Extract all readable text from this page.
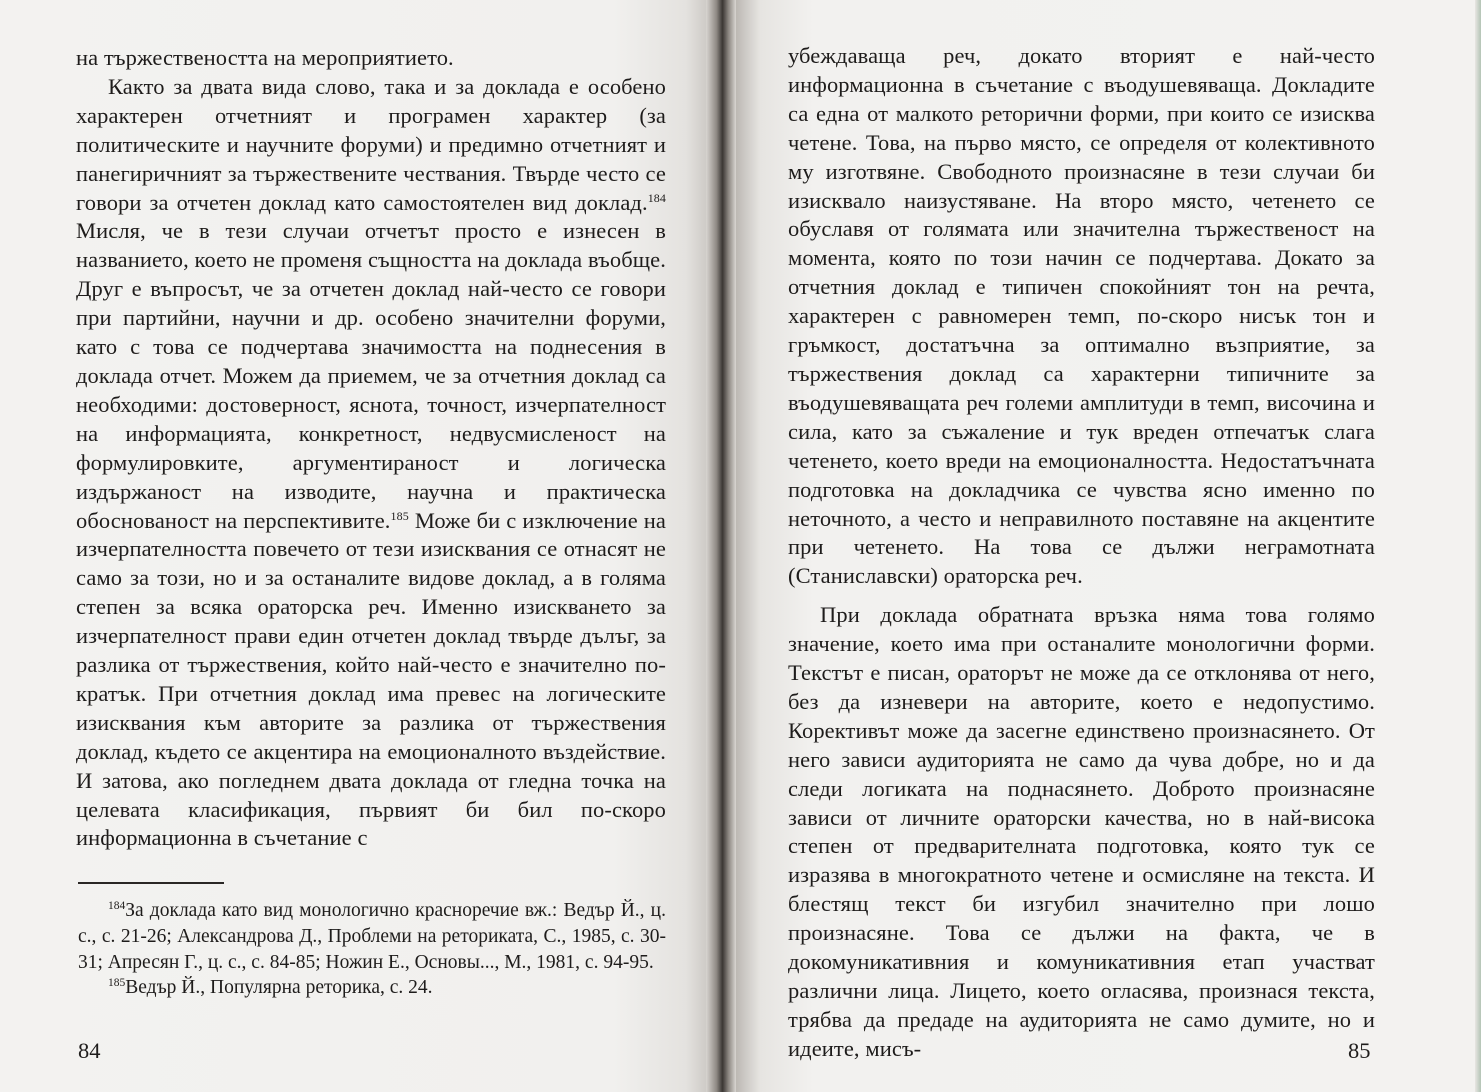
на тържествеността на мероприятието.

Както за двата вида слово, така и за доклада е особено характерен отчетният и програмен характер (за политическите и научните форуми) и предимно отчетният и панегиричният за тържествените чествания. Твърде често се говори за отчетен доклад като самостоятелен вид доклад.$^{184}$ Мисля, че в тези случаи отчетът просто е изнесен в названието, което не променя същността на доклада въобще. Друг е въпросът, че за отчетен доклад най-често се говори при партийни, научни и др. особено значителни форуми, като с това се подчертава значимостта на поднесения в доклада отчет. Можем да приемем, че за отчетния доклад са необходими: достоверност, яснота, точност, изчерпателност на информацията, конкретност, недвусмисленост на формулировките, аргументираност и логическа издържаност на изводите, научна и практическа обоснованост на перспективите.$^{185}$ Може би с изключение на изчерпателността повечето от тези изисквания се отнасят не само за този, но и за останалите видове доклад, а в голяма степен за всяка ораторска реч. Именно изискването за изчерпателност прави един отчетен доклад твърде дълъг, за разлика от тържествения, който най-често е значително по-кратък. При отчетния доклад има превес на логическите изисквания към авторите за разлика от тържествения доклад, където се акцентира на емоционалното въздействие. И затова, ако погледнем двата доклада от гледна точка на целевата класификация, първият би бил по-скоро информационна в съчетание с

$^{184}$За доклада като вид монологично красноречие вж.: Ведър Й., ц. с., с. 21-26; Александрова Д., Проблеми на реториката, С., 1985, с. 30-31; Апресян Г., ц. с., с. 84-85; Ножин Е., Основы..., М., 1981, с. 94-95.

$^{185}$Ведър Й., Популярна реторика, с. 24.

84

убеждаваща реч, докато вторият е най-често информационна в съчетание с въодушевяваща. Докладите са една от малкото реторични форми, при които се изисква четене. Това, на първо място, се определя от колективното му изготвяне. Свободното произнасяне в тези случаи би изисквало наизустяване. На второ място, четенето се обуславя от голямата или значителна тържественост на момента, която по този начин се подчертава. Докато за отчетния доклад е типичен спокойният тон на речта, характерен с равномерен темп, по-скоро нисък тон и гръмкост, достатъчна за оптимално възприятие, за тържествения доклад са характерни типичните за въодушевяващата реч големи амплитуди в темп, височина и сила, като за съжаление и тук вреден отпечатък слага четенето, което вреди на емоционалността. Недостатъчната подготовка на докладчика се чувства ясно именно по неточното, а често и неправилното поставяне на акцентите при четенето. На това се дължи неграмотната (Станиславски) ораторска реч.

При доклада обратната връзка няма това голямо значение, което има при останалите монологични форми. Текстът е писан, ораторът не може да се отклонява от него, без да изневери на авторите, което е недопустимо. Корективът може да засегне единствено произнасянето. От него зависи аудиторията не само да чува добре, но и да следи логиката на поднасянето. Доброто произнасяне зависи от личните ораторски качества, но в най-висока степен от предварителната подготовка, която тук се изразява в многократното четене и осмисляне на текста. И блестящ текст би изгубил значително при лошо произнасяне. Това се дължи на факта, че в докомуникативния и комуникативния етап участват различни лица. Лицето, което огласява, произнася текста, трябва да предаде на аудиторията не само думите, но и идеите, мисъ-	85
